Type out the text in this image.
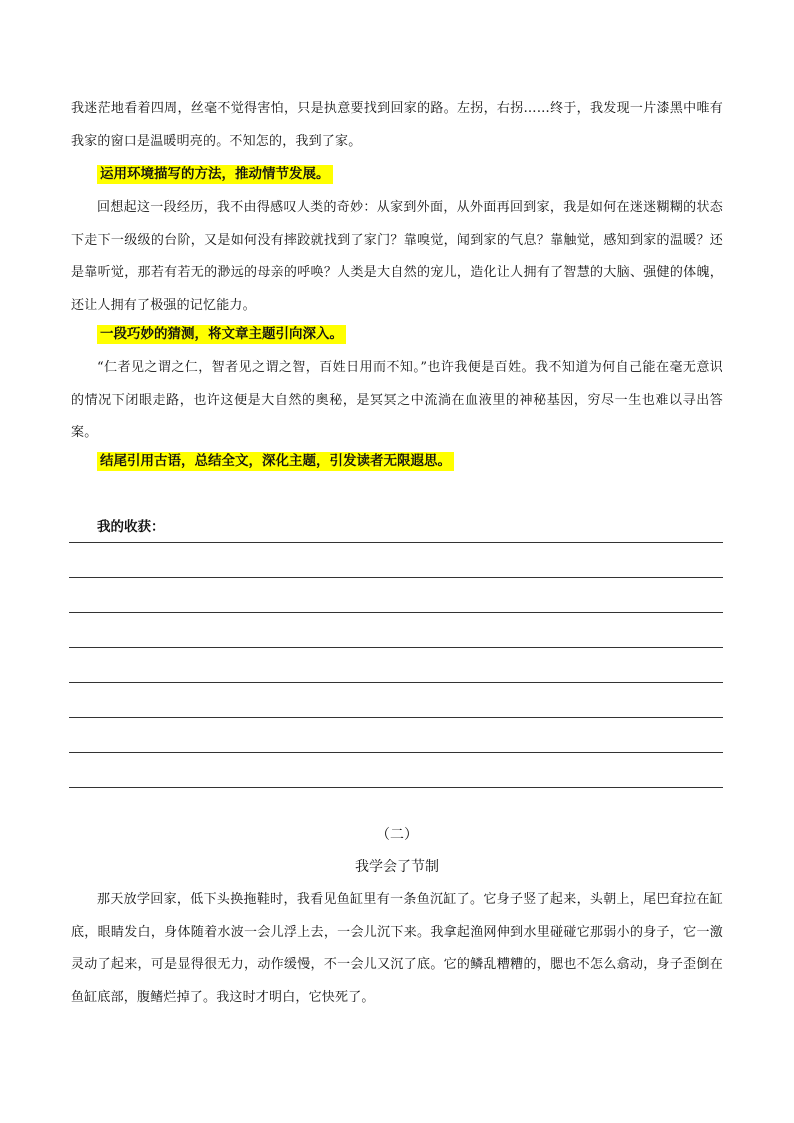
我迷茫地看着四周，丝毫不觉得害怕，只是执意要找到回家的路。左拐，右拐……终于，我发现一片漆黑中唯有我家的窗口是温暖明亮的。不知怎的，我到了家。

运用环境描写的方法，推动情节发展。

回想起这一段经历，我不由得感叹人类的奇妙：从家到外面，从外面再回到家，我是如何在迷迷糊糊的状态下走下一级级的台阶，又是如何没有摔跤就找到了家门？靠嗅觉，闻到家的气息？靠触觉，感知到家的温暖？还是靠听觉，那若有若无的渺远的母亲的呼唤？人类是大自然的宠儿，造化让人拥有了智慧的大脑、强健的体魄，还让人拥有了极强的记忆能力。

一段巧妙的猜测，将文章主题引向深入。

“仁者见之谓之仁，智者见之谓之智，百姓日用而不知。”也许我便是百姓。我不知道为何自己能在毫无意识的情况下闭眼走路，也许这便是大自然的奥秘，是冥冥之中流淌在血液里的神秘基因，穷尽一生也难以寻出答案。

结尾引用古语，总结全文，深化主题，引发读者无限遐思。

我的收获：

（二）

我学会了节制

那天放学回家，低下头换拖鞋时，我看见鱼缸里有一条鱼沉缸了。它身子竖了起来，头朝上，尾巴耷拉在缸底，眼睛发白，身体随着水波一会儿浮上去，一会儿沉下来。我拿起渔网伸到水里碰碰它那弱小的身子，它一激灵动了起来，可是显得很无力，动作缓慢，不一会儿又沉了底。它的鳞乱糟糟的，腮也不怎么翕动，身子歪倒在鱼缸底部，腹鳍烂掉了。我这时才明白，它快死了。
